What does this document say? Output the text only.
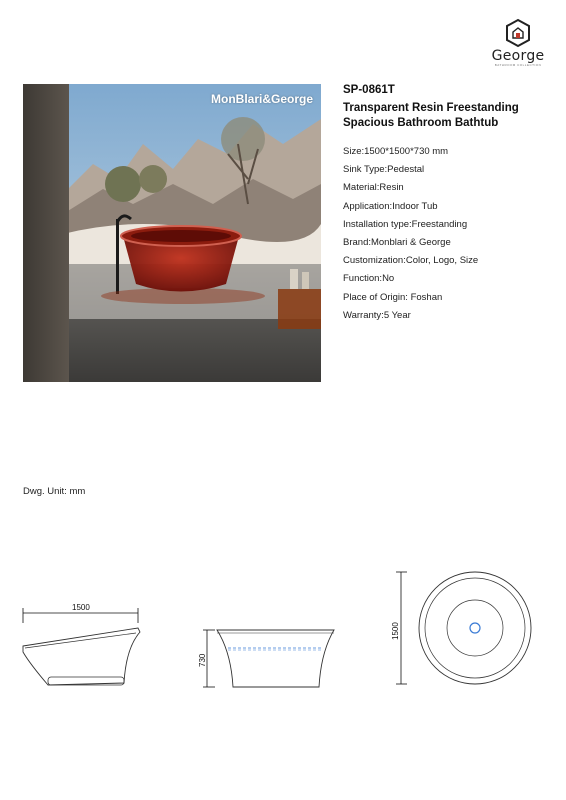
George
BATHROOM COLLECTION
MonBlari&George
SP-0861T
Transparent Resin Freestanding
Spacious Bathroom Bathtub
Size:1500*1500*730 mm
Sink Type:Pedestal
Material:Resin
Application:Indoor Tub
Installation type:Freestanding
Brand:Monblari & George
Customization:Color, Logo, Size
Function:No
Place of Origin: Foshan
Warranty:5 Year
Dwg. Unit: mm
1500
730
1500
